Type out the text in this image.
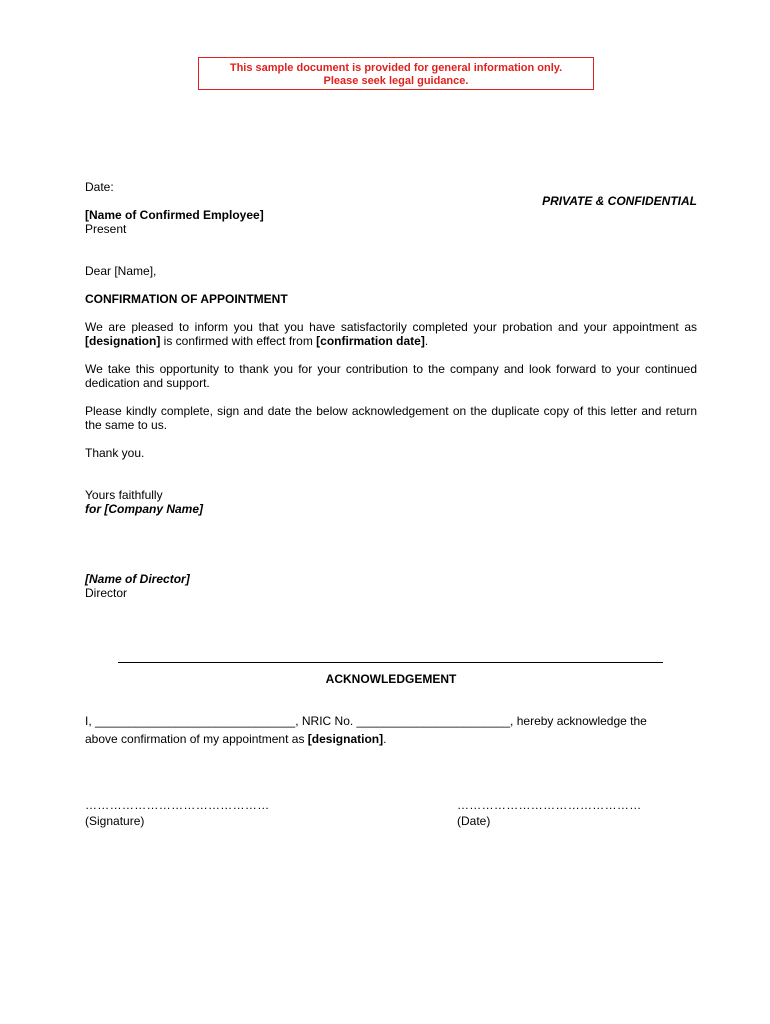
This sample document is provided for general information only.
Please seek legal guidance.
Date:
PRIVATE & CONFIDENTIAL
[Name of Confirmed Employee]
Present
Dear [Name],
CONFIRMATION OF APPOINTMENT
We are pleased to inform you that you have satisfactorily completed your probation and your appointment as [designation] is confirmed with effect from [confirmation date].
We take this opportunity to thank you for your contribution to the company and look forward to your continued dedication and support.
Please kindly complete, sign and date the below acknowledgement on the duplicate copy of this letter and return the same to us.
Thank you.
Yours faithfully
for [Company Name]
[Name of Director]
Director
ACKNOWLEDGEMENT
I, ______________________________, NRIC No. _______________________, hereby acknowledge the
above confirmation of my appointment as [designation].
………………………………………
(Signature)
………………………………………
(Date)
